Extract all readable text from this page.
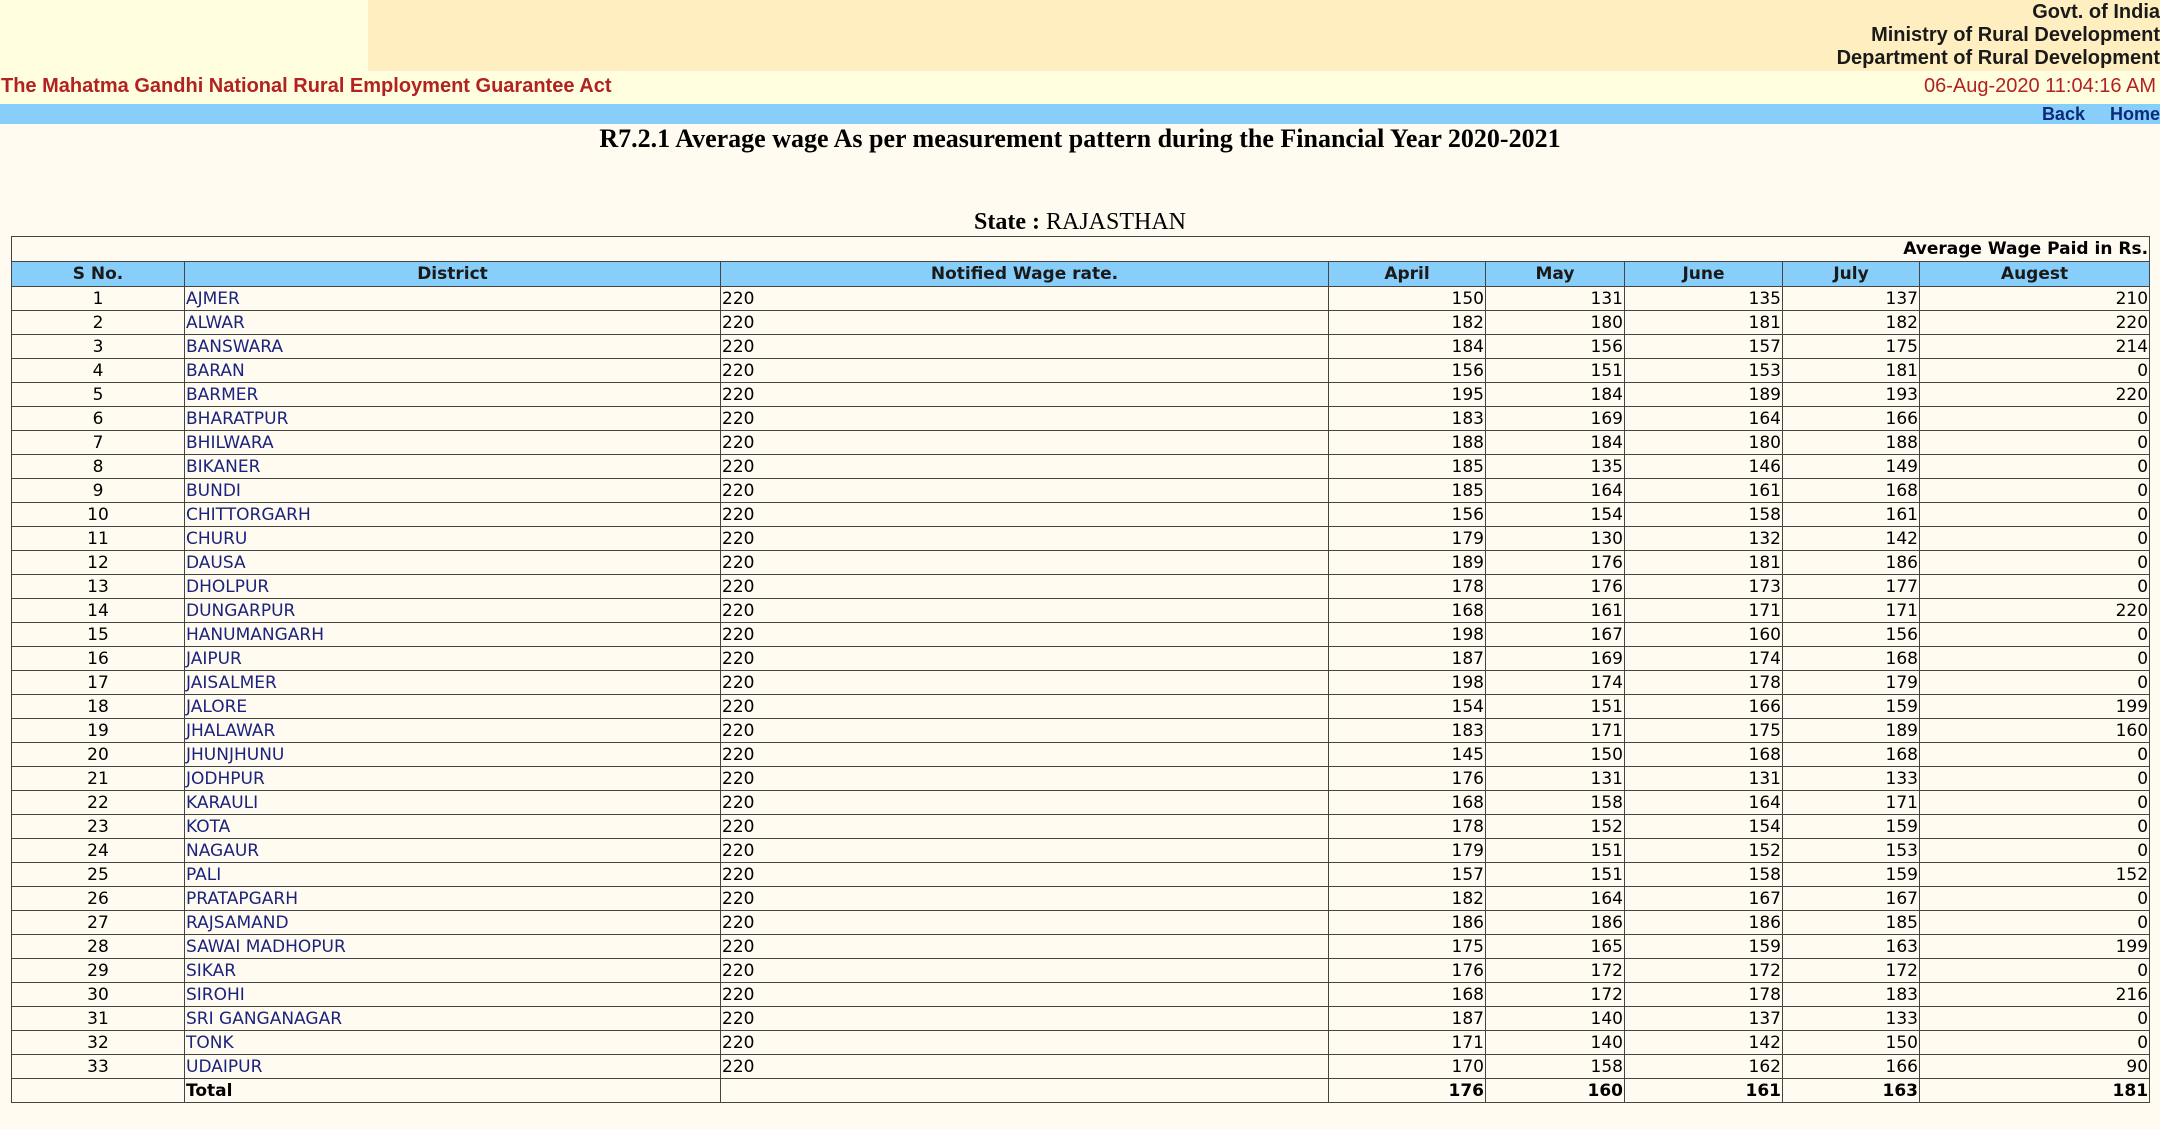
Govt. of India
Ministry of Rural Development
Department of Rural Development
The Mahatma Gandhi National Rural Employment Guarantee Act	06-Aug-2020 11:04:16 AM
Back Home
R7.2.1 Average wage As per measurement pattern during the Financial Year 2020-2021
State : RAJASTHAN
Average Wage Paid in Rs.							
S No.	District	Notified Wage rate.	April	May	June	July	Augest
1	AJMER	220	150	131	135	137	210
2	ALWAR	220	182	180	181	182	220
3	BANSWARA	220	184	156	157	175	214
4	BARAN	220	156	151	153	181	0
5	BARMER	220	195	184	189	193	220
6	BHARATPUR	220	183	169	164	166	0
7	BHILWARA	220	188	184	180	188	0
8	BIKANER	220	185	135	146	149	0
9	BUNDI	220	185	164	161	168	0
10	CHITTORGARH	220	156	154	158	161	0
11	CHURU	220	179	130	132	142	0
12	DAUSA	220	189	176	181	186	0
13	DHOLPUR	220	178	176	173	177	0
14	DUNGARPUR	220	168	161	171	171	220
15	HANUMANGARH	220	198	167	160	156	0
16	JAIPUR	220	187	169	174	168	0
17	JAISALMER	220	198	174	178	179	0
18	JALORE	220	154	151	166	159	199
19	JHALAWAR	220	183	171	175	189	160
20	JHUNJHUNU	220	145	150	168	168	0
21	JODHPUR	220	176	131	131	133	0
22	KARAULI	220	168	158	164	171	0
23	KOTA	220	178	152	154	159	0
24	NAGAUR	220	179	151	152	153	0
25	PALI	220	157	151	158	159	152
26	PRATAPGARH	220	182	164	167	167	0
27	RAJSAMAND	220	186	186	186	185	0
28	SAWAI MADHOPUR	220	175	165	159	163	199
29	SIKAR	220	176	172	172	172	0
30	SIROHI	220	168	172	178	183	216
31	SRI GANGANAGAR	220	187	140	137	133	0
32	TONK	220	171	140	142	150	0
33	UDAIPUR	220	170	158	162	166	90
	Total		176	160	161	163	181
